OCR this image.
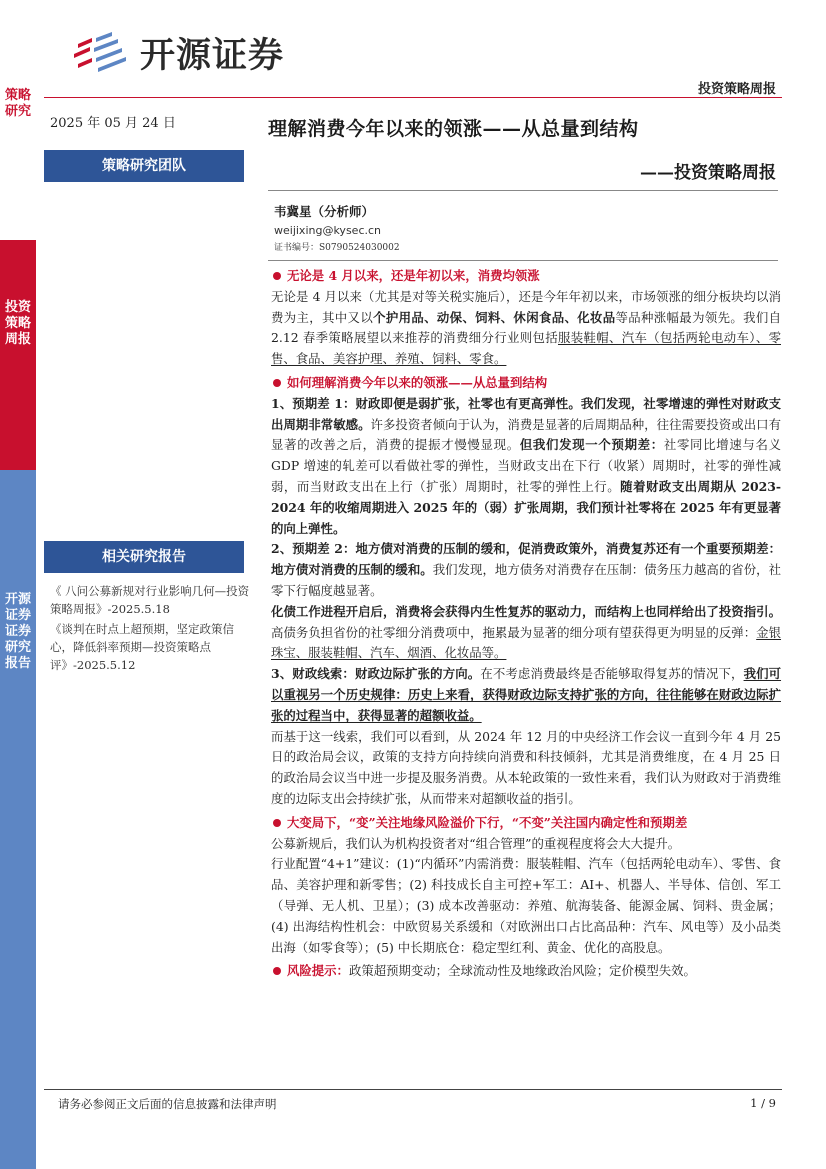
策略研究
投资策略周报
开源证券 证券研究报告
开源证券
投资策略周报
2025 年 05 月 24 日	理解消费今年以来的领涨——从总量到结构
——投资策略周报
策略研究团队
相关研究报告

《 八问公募新规对行业影响几何—投资策略周报》-2025.5.18

《谈判在时点上超预期，坚定政策信心，降低斜率预期—投资策略点评》-2025.5.12

韦冀星（分析师）
weijixing@kysec.cn
证书编号：S0790524030002

无论是 4 月以来，还是年初以来，消费均领涨

无论是 4 月以来（尤其是对等关税实施后），还是今年年初以来，市场领涨的细分板块均以消费为主，其中又以个护用品、动保、饲料、休闲食品、化妆品等品种涨幅最为领先。我们自 2.12 春季策略展望以来推荐的消费细分行业则包括服装鞋帽、汽车（包括两轮电动车）、零售、食品、美容护理、养殖、饲料、零食。

如何理解消费今年以来的领涨——从总量到结构

1、预期差 1：财政即便是弱扩张，社零也有更高弹性。我们发现，社零增速的弹性对财政支出周期非常敏感。许多投资者倾向于认为，消费是显著的后周期品种，往往需要投资或出口有显著的改善之后，消费的提振才慢慢显现。但我们发现一个预期差：社零同比增速与名义 GDP 增速的轧差可以看做社零的弹性，当财政支出在下行（收紧）周期时，社零的弹性减弱，而当财政支出在上行（扩张）周期时，社零的弹性上行。随着财政支出周期从 2023-2024 年的收缩周期进入 2025 年的（弱）扩张周期，我们预计社零将在 2025 年有更显著的向上弹性。

2、预期差 2：地方债对消费的压制的缓和，促消费政策外，消费复苏还有一个重要预期差：地方债对消费的压制的缓和。我们发现，地方债务对消费存在压制：债务压力越高的省份，社零下行幅度越显著。

化债工作进程开启后，消费将会获得内生性复苏的驱动力，而结构上也同样给出了投资指引。高债务负担省份的社零细分消费项中，拖累最为显著的细分项有望获得更为明显的反弹：金银珠宝、服装鞋帽、汽车、烟酒、化妆品等。

3、财政线索：财政边际扩张的方向。在不考虑消费最终是否能够取得复苏的情况下，我们可以重视另一个历史规律：历史上来看，获得财政边际支持扩张的方向，往往能够在财政边际扩张的过程当中，获得显著的超额收益。

而基于这一线索，我们可以看到，从 2024 年 12 月的中央经济工作会议一直到今年 4 月 25 日的政治局会议，政策的支持方向持续向消费和科技倾斜，尤其是消费维度，在 4 月 25 日的政治局会议当中进一步提及服务消费。从本轮政策的一致性来看，我们认为财政对于消费维度的边际支出会持续扩张，从而带来对超额收益的指引。

大变局下，“变”关注地缘风险溢价下行，“不变”关注国内确定性和预期差

公募新规后，我们认为机构投资者对“组合管理”的重视程度将会大大提升。

行业配置“4+1”建议：(1)“内循环”内需消费：服装鞋帽、汽车（包括两轮电动车）、零售、食品、美容护理和新零售；(2) 科技成长自主可控+军工：AI+、机器人、半导体、信创、军工（导弹、无人机、卫星）；(3) 成本改善驱动：养殖、航海装备、能源金属、饲料、贵金属；(4) 出海结构性机会：中欧贸易关系缓和（对欧洲出口占比高品种：汽车、风电等）及小品类出海（如零食等）；(5) 中长期底仓：稳定型红利、黄金、优化的高股息。

风险提示：政策超预期变动；全球流动性及地缘政治风险；定价模型失效。

请务必参阅正文后面的信息披露和法律声明	1 / 9
